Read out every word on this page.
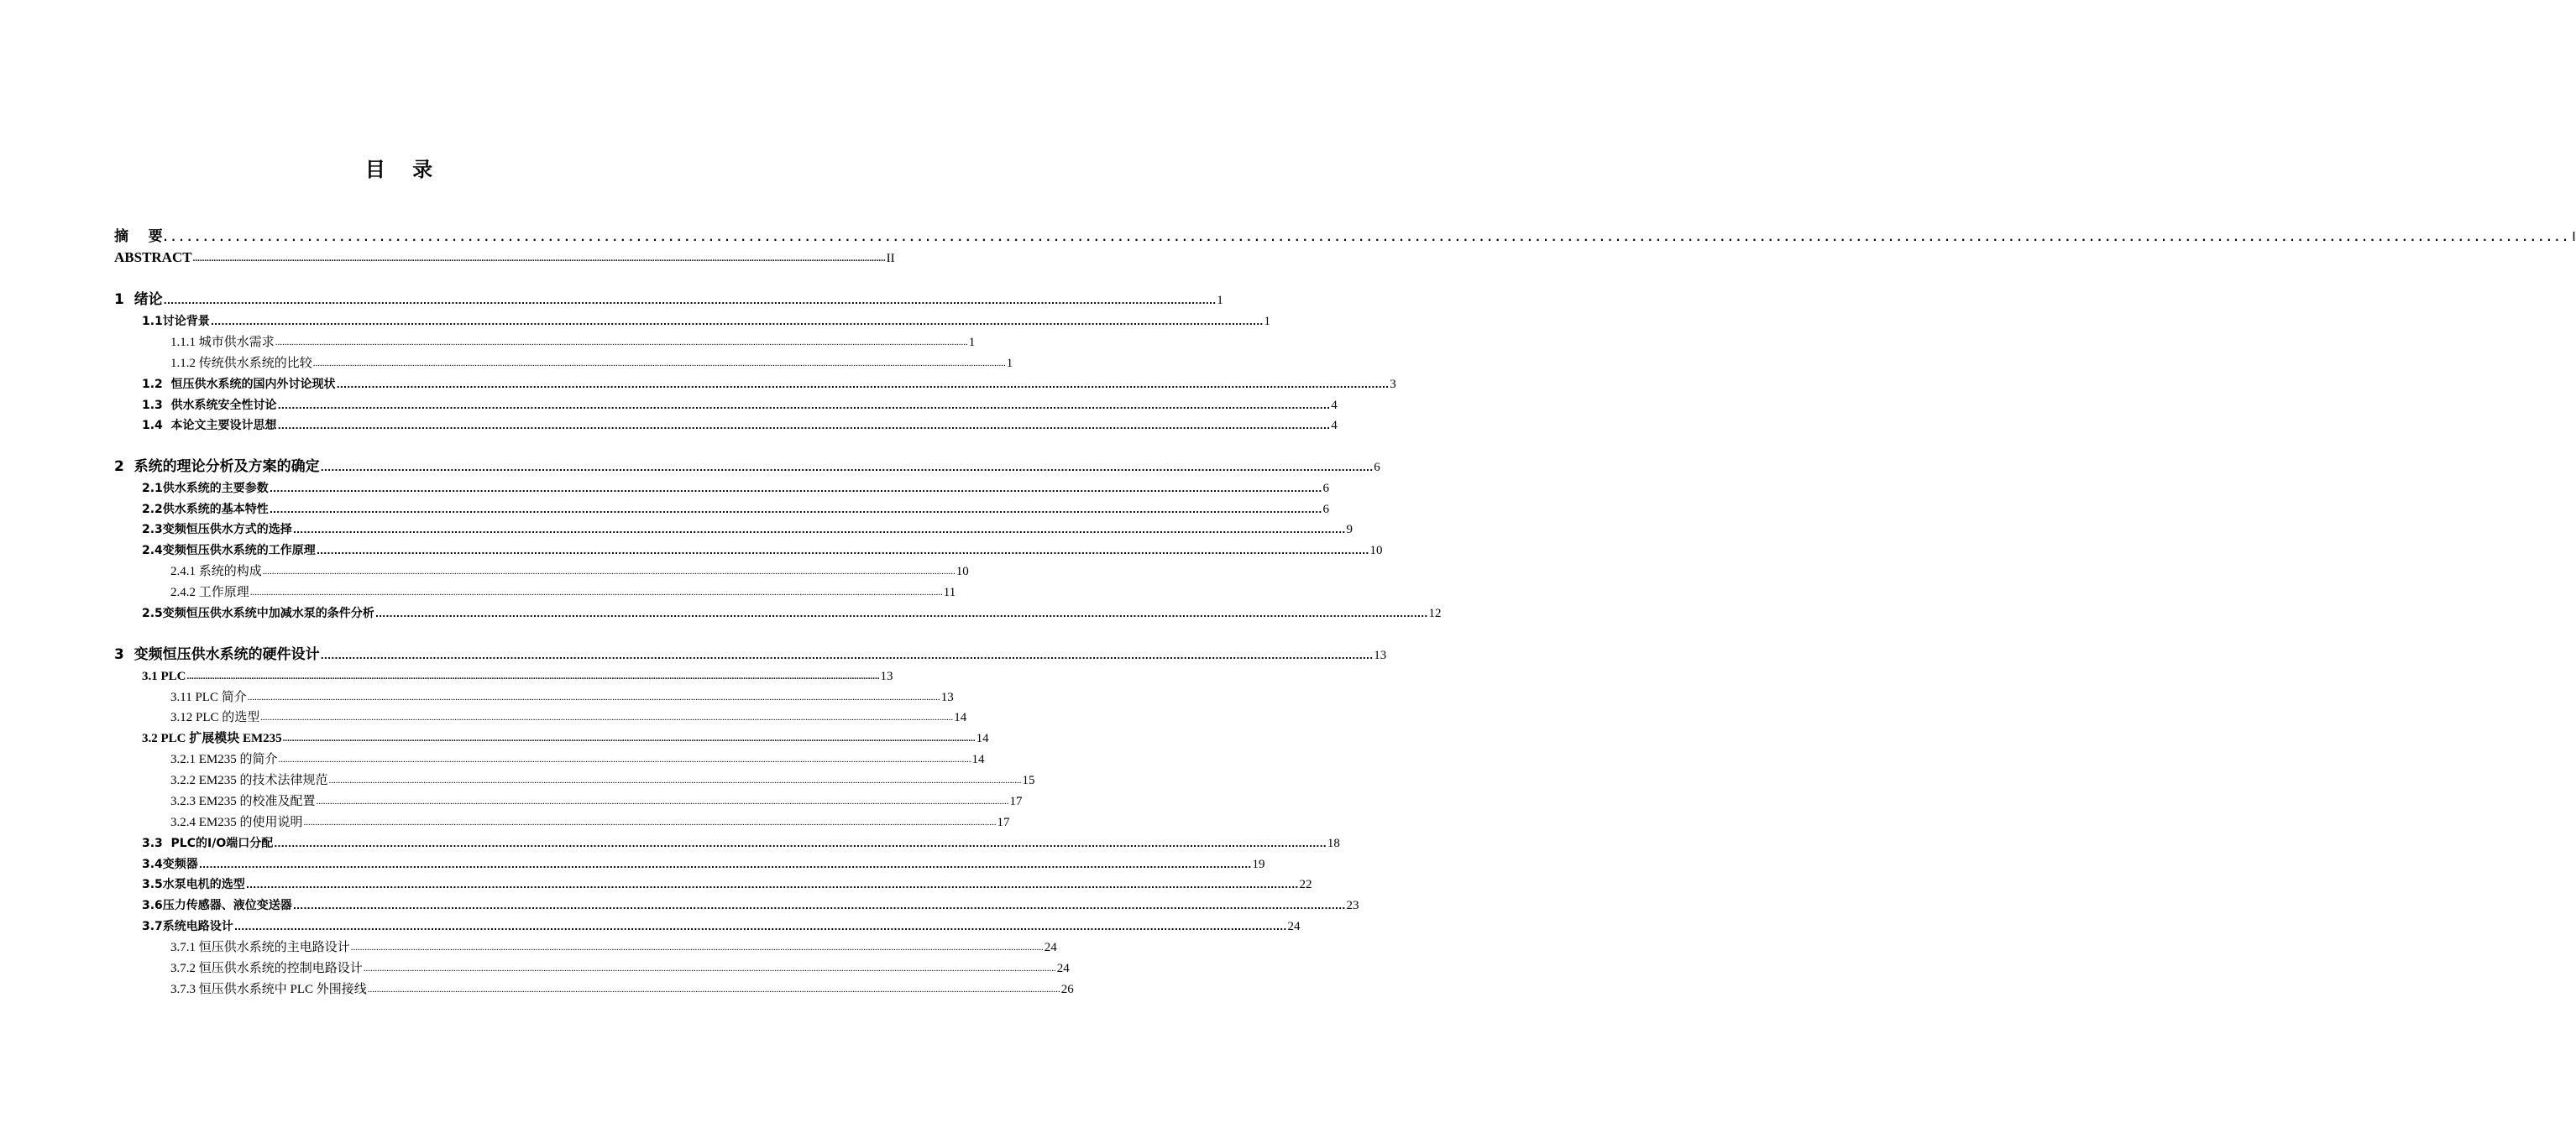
目 录
摘    要 ............................................................................................................................................................................................................................................................................................................ Ⅰ
ABSTRACT ............................................................................................................................................................................................................................................................................................................ II
1  绪论 ............................................................................................................................................................................................................................................................................................................ 1
1.1讨论背景 ............................................................................................................................................................................................................................................................................................................ 1
1.1.1 城市供水需求 ............................................................................................................................................................................................................................................................................................................ 1
1.1.2 传统供水系统的比较 ............................................................................................................................................................................................................................................................................................................ 1
1.2  恒压供水系统的国内外讨论现状 ............................................................................................................................................................................................................................................................................................................ 3
1.3  供水系统安全性讨论 ............................................................................................................................................................................................................................................................................................................ 4
1.4  本论文主要设计思想 ............................................................................................................................................................................................................................................................................................................ 4
2  系统的理论分析及方案的确定 ............................................................................................................................................................................................................................................................................................................ 6
2.1供水系统的主要参数 ............................................................................................................................................................................................................................................................................................................ 6
2.2供水系统的基本特性 ............................................................................................................................................................................................................................................................................................................ 6
2.3变频恒压供水方式的选择 ............................................................................................................................................................................................................................................................................................................ 9
2.4变频恒压供水系统的工作原理 ............................................................................................................................................................................................................................................................................................................ 10
2.4.1 系统的构成 ............................................................................................................................................................................................................................................................................................................ 10
2.4.2 工作原理 ............................................................................................................................................................................................................................................................................................................ 11
2.5变频恒压供水系统中加减水泵的条件分析 ............................................................................................................................................................................................................................................................................................................ 12
3  变频恒压供水系统的硬件设计 ............................................................................................................................................................................................................................................................................................................ 13
3.1 PLC ............................................................................................................................................................................................................................................................................................................ 13
3.11 PLC 简介 ............................................................................................................................................................................................................................................................................................................ 13
3.12 PLC 的选型 ............................................................................................................................................................................................................................................................................................................ 14
3.2 PLC 扩展模块 EM235 ............................................................................................................................................................................................................................................................................................................ 14
3.2.1 EM235 的简介 ............................................................................................................................................................................................................................................................................................................ 14
3.2.2 EM235 的技术法律规范 ............................................................................................................................................................................................................................................................................................................ 15
3.2.3 EM235 的校准及配置 ............................................................................................................................................................................................................................................................................................................ 17
3.2.4 EM235 的使用说明 ............................................................................................................................................................................................................................................................................................................ 17
3.3  PLC的I/O端口分配 ............................................................................................................................................................................................................................................................................................................ 18
3.4变频器 ............................................................................................................................................................................................................................................................................................................ 19
3.5水泵电机的选型 ............................................................................................................................................................................................................................................................................................................ 22
3.6压力传感器、液位变送器 ............................................................................................................................................................................................................................................................................................................ 23
3.7系统电路设计 ............................................................................................................................................................................................................................................................................................................ 24
3.7.1 恒压供水系统的主电路设计 ............................................................................................................................................................................................................................................................................................................ 24
3.7.2 恒压供水系统的控制电路设计 ............................................................................................................................................................................................................................................................................................................ 24
3.7.3 恒压供水系统中 PLC 外围接线 ............................................................................................................................................................................................................................................................................................................ 26
